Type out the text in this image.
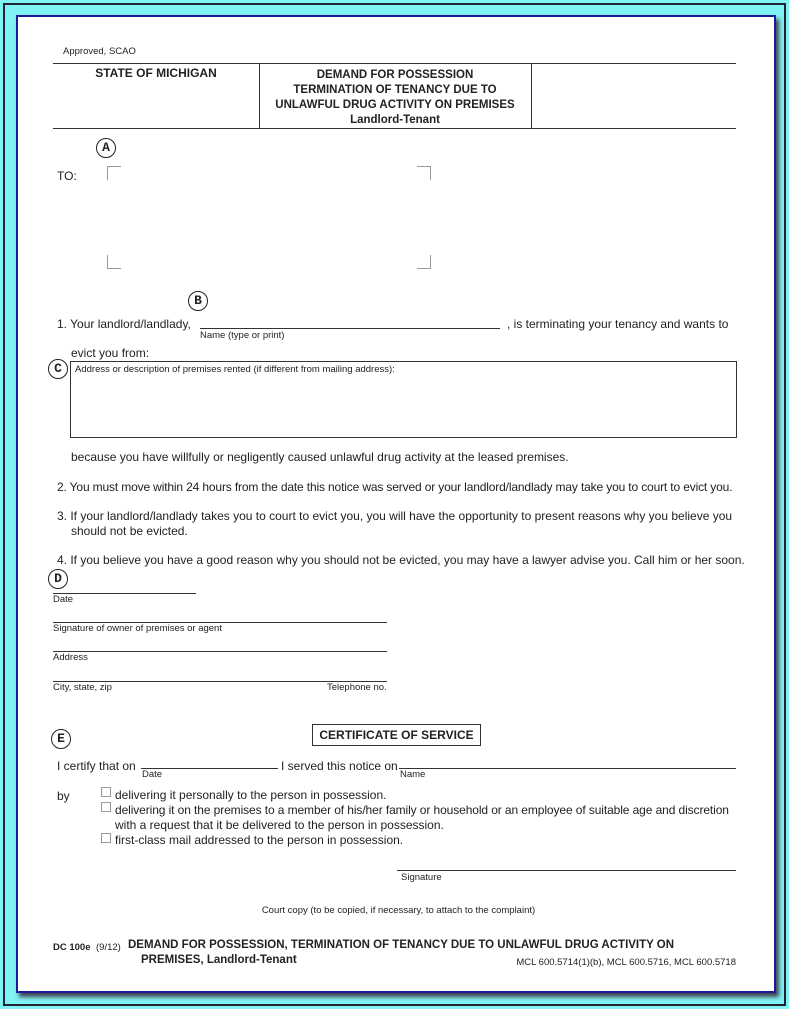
Approved, SCAO
STATE OF MICHIGAN	DEMAND FOR POSSESSION
TERMINATION OF TENANCY DUE TO
UNLAWFUL DRUG ACTIVITY ON PREMISES
Landlord-Tenant
A
TO:
B
1. Your landlord/landlady,
Name (type or print)
, is terminating your tenancy and wants to
evict you from:
C	Address or description of premises rented (if different from mailing address):
because you have willfully or negligently caused unlawful drug activity at the leased premises.
2. You must move within 24 hours from the date this notice was served or your landlord/landlady may take you to court to evict you.
3. If your landlord/landlady takes you to court to evict you, you will have the opportunity to present reasons why you believe you
should not be evicted.
4. If you believe you have a good reason why you should not be evicted, you may have a lawyer advise you. Call him or her soon.
D
Date
Signature of owner of premises or agent
Address
City, state, zip	Telephone no.
CERTIFICATE OF SERVICE
E
I certify that on
Date
I served this notice on
Name
by	delivering it personally to the person in possession.
delivering it on the premises to a member of his/her family or household or an employee of suitable age and discretion
with a request that it be delivered to the person in possession.
first-class mail addressed to the person in possession.
Signature
Court copy (to be copied, if necessary, to attach to the complaint)
DC 100e (9/12) DEMAND FOR POSSESSION, TERMINATION OF TENANCY DUE TO UNLAWFUL DRUG ACTIVITY ON
PREMISES, Landlord-Tenant	MCL 600.5714(1)(b), MCL 600.5716, MCL 600.5718
